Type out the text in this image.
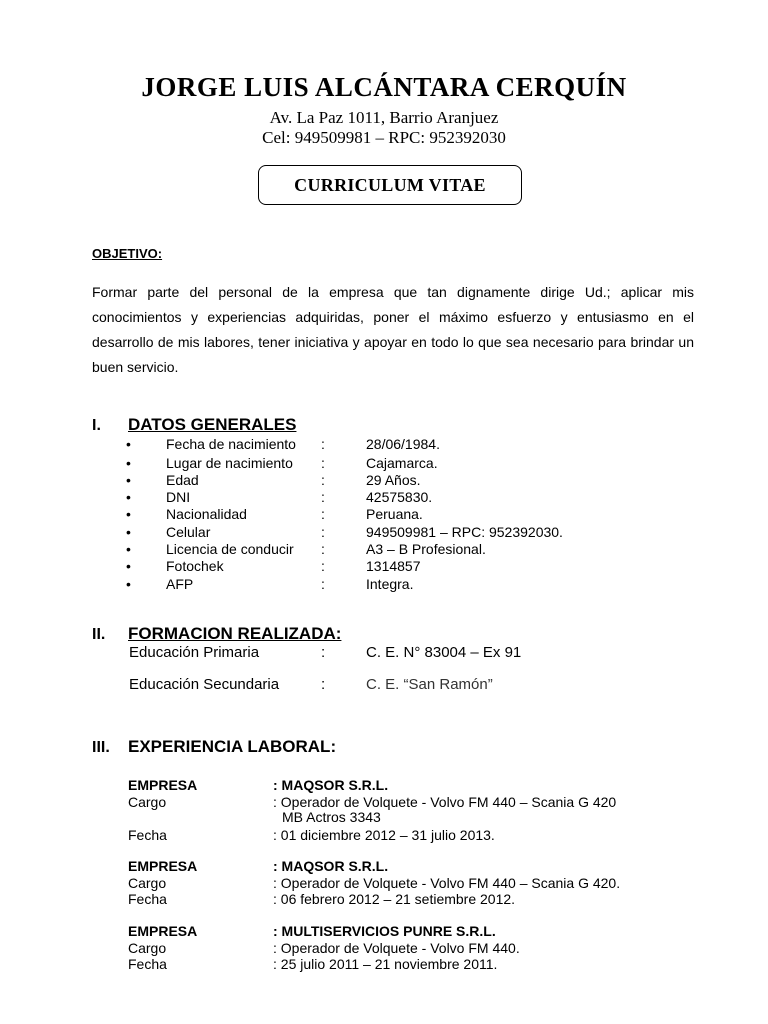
JORGE LUIS ALCÁNTARA CERQUÍN
Av. La Paz 1011, Barrio Aranjuez
Cel: 949509981 – RPC: 952392030
CURRICULUM VITAE
OBJETIVO:
Formar parte del personal de la empresa que tan dignamente dirige Ud.; aplicar mis conocimientos y experiencias adquiridas, poner el máximo esfuerzo y entusiasmo en el desarrollo de mis labores, tener iniciativa y apoyar en todo lo que sea necesario para brindar un buen servicio.
I. DATOS GENERALES
•	Fecha de nacimiento :	28/06/1984.
•	Lugar de nacimiento :	Cajamarca.
•	Edad	:	29 Años.
•	DNI	:	42575830.
•	Nacionalidad	:	Peruana.
•	Celular	:	949509981 – RPC: 952392030.
•	Licencia de conducir :	A3 – B Profesional.
•	Fotochek	:	1314857
•	AFP	:	Integra.
II. FORMACION REALIZADA:
Educación Primaria	:	C. E. N° 83004 – Ex 91
Educación Secundaria	:	C. E. “San Ramón”
III. EXPERIENCIA LABORAL:
EMPRESA	: MAQSOR S.R.L.
Cargo	: Operador de Volquete - Volvo FM 440 – Scania G 420
MB Actros 3343
Fecha	: 01 diciembre 2012 – 31 julio 2013.
EMPRESA	: MAQSOR S.R.L.
Cargo	: Operador de Volquete - Volvo FM 440 – Scania G 420.
Fecha	: 06 febrero 2012 – 21 setiembre 2012.
EMPRESA	: MULTISERVICIOS PUNRE S.R.L.
Cargo	: Operador de Volquete - Volvo FM 440.
Fecha	: 25 julio 2011 – 21 noviembre 2011.
